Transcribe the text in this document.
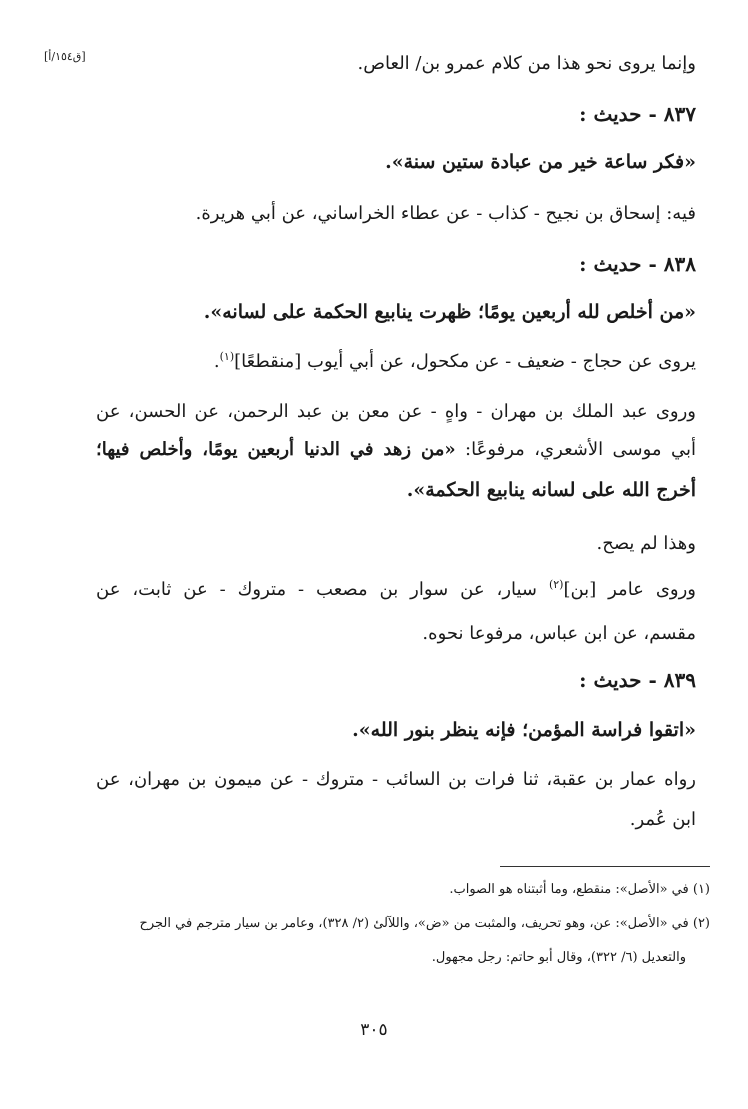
[ق١٥٤/أ]	وإنما يروى نحو هذا من كلام عمرو بن/ العاص.
٨٣٧ - حديث :
«فكر ساعة خير من عبادة ستين سنة».
فيه: إسحاق بن نجيح - كذاب - عن عطاء الخراساني، عن أبي هريرة.
٨٣٨ - حديث :
«من أخلص لله أربعين يومًا؛ ظهرت ينابيع الحكمة على لسانه».
يروى عن حجاج - ضعيف - عن مكحول، عن أبي أيوب [منقطعًا]$^{(١)}$.
وروى عبد الملك بن مهران - واهٍ - عن معن بن عبد الرحمن، عن الحسن، عن
أبي موسى الأشعري، مرفوعًا: «من زهد في الدنيا أربعين يومًا، وأخلص فيها؛
أخرج الله على لسانه ينابيع الحكمة».
وهذا لم يصح.
وروى عامر [بن]$^{(٢)}$ سيار، عن سوار بن مصعب - متروك - عن ثابت، عن
مقسم، عن ابن عباس، مرفوعا نحوه.
٨٣٩ - حديث :
«اتقوا فراسة المؤمن؛ فإنه ينظر بنور الله».
رواه عمار بن عقبة، ثنا فرات بن السائب - متروك - عن ميمون بن مهران، عن
ابن عُمر.
(١) في «الأصل»: منقطع، وما أثبتناه هو الصواب.
(٢) في «الأصل»: عن، وهو تحريف، والمثبت من «ض»، واللآلئ (٢/ ٣٢٨)، وعامر بن سيار مترجم في الجرح
والتعديل (٦/ ٣٢٢)، وقال أبو حاتم: رجل مجهول.
٣٠٥
